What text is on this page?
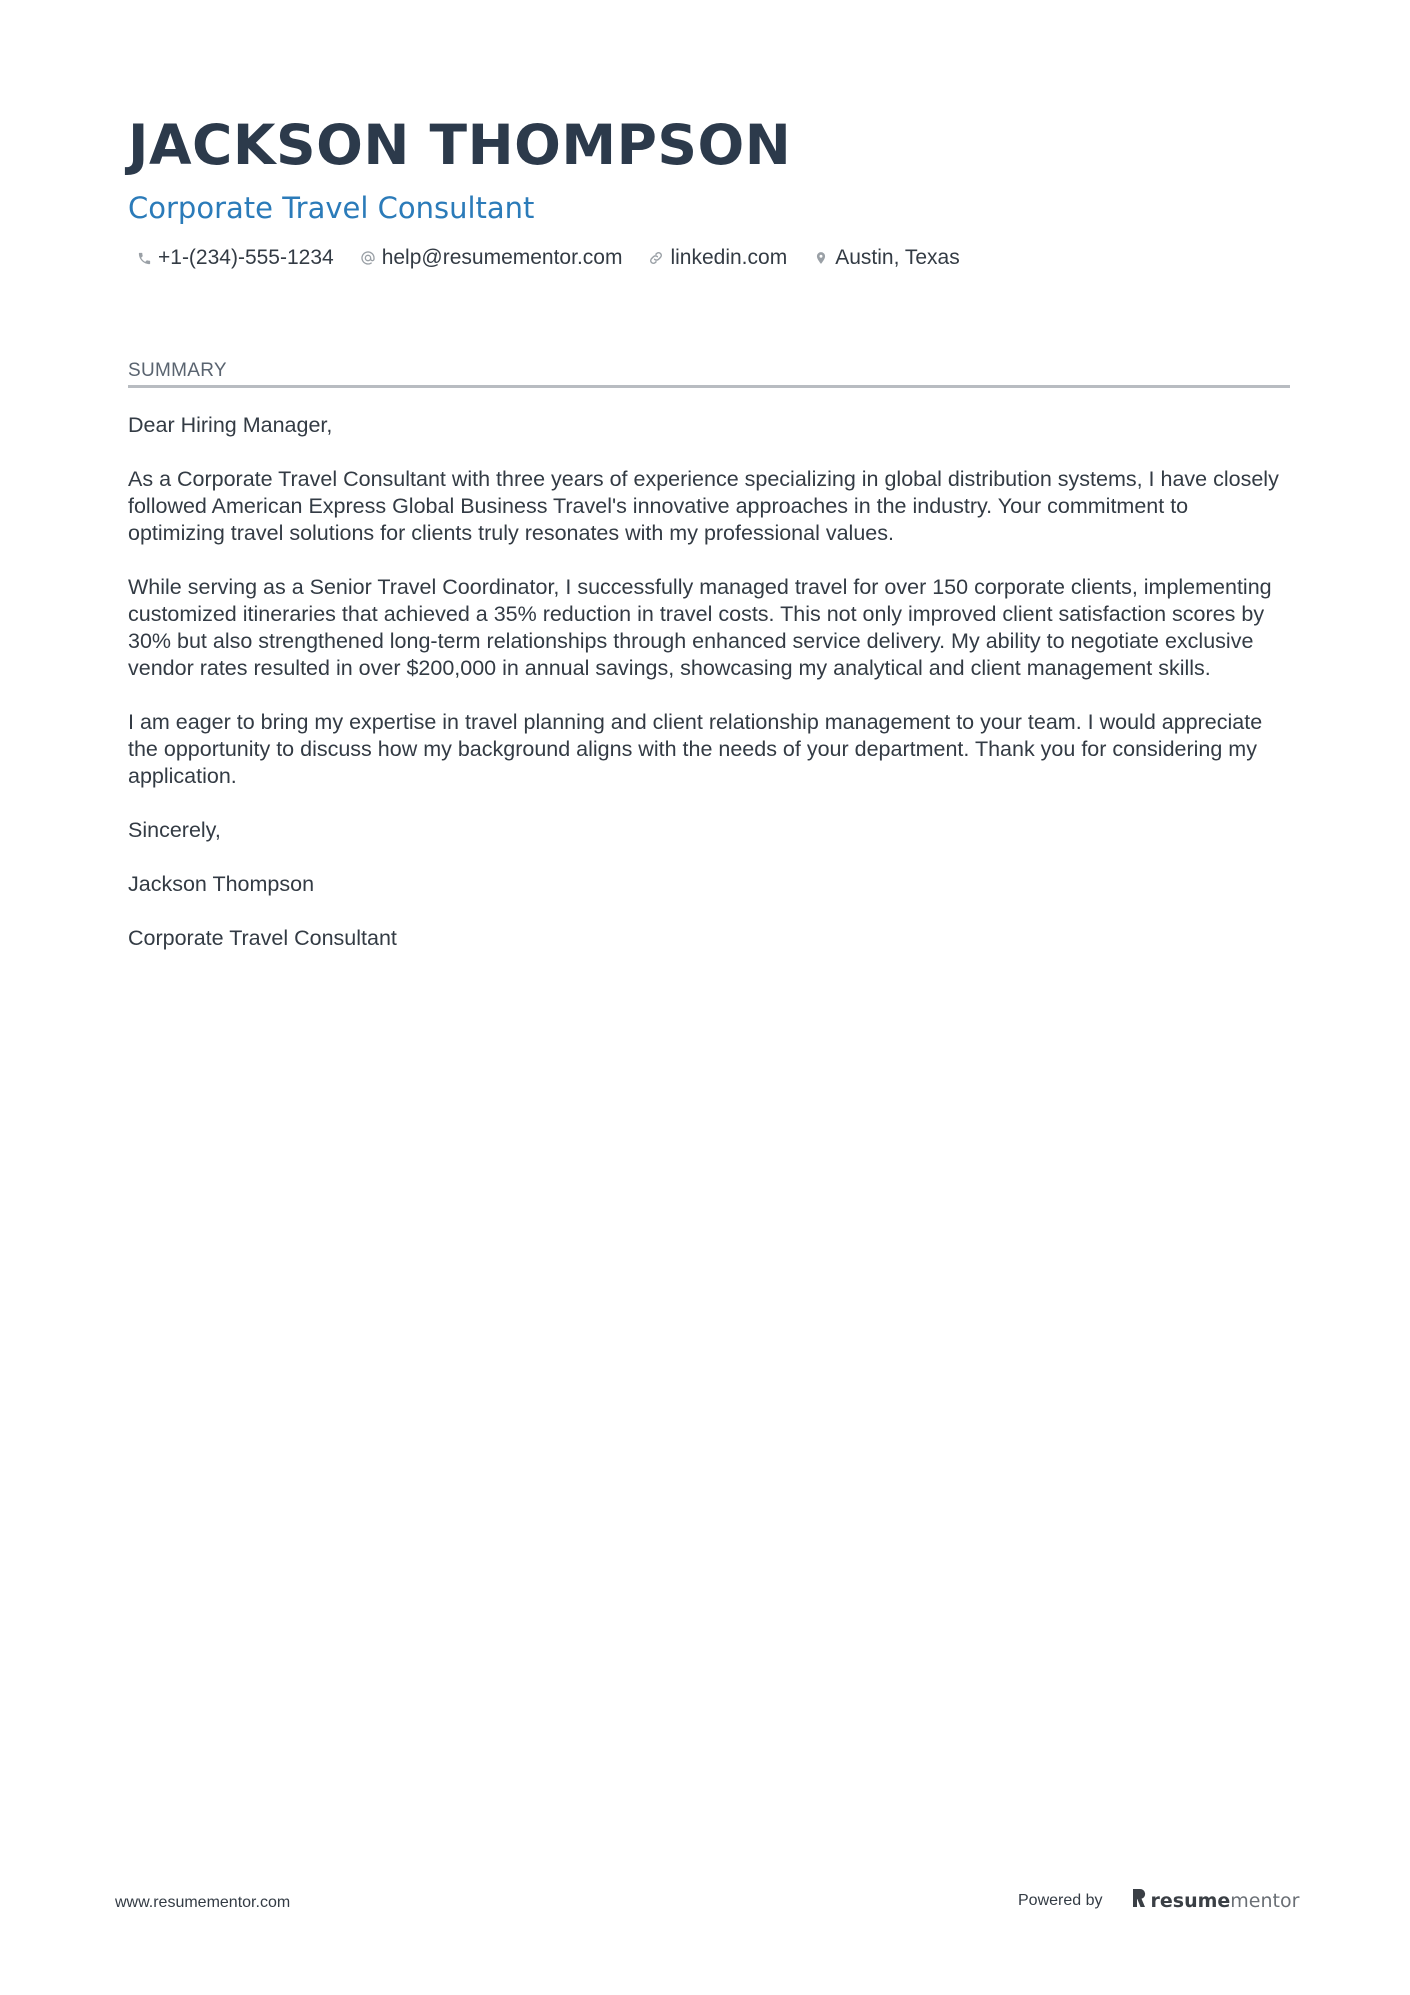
JACKSON THOMPSON
Corporate Travel Consultant
+1-(234)-555-1234 help@resumementor.com linkedin.com Austin, Texas
SUMMARY

Dear Hiring Manager,

As a Corporate Travel Consultant with three years of experience specializing in global distribution systems, I have closely followed American Express Global Business Travel's innovative approaches in the industry. Your commitment to optimizing travel solutions for clients truly resonates with my professional values.

While serving as a Senior Travel Coordinator, I successfully managed travel for over 150 corporate clients, implementing customized itineraries that achieved a 35% reduction in travel costs. This not only improved client satisfaction scores by 30% but also strengthened long-term relationships through enhanced service delivery. My ability to negotiate exclusive vendor rates resulted in over $200,000 in annual savings, showcasing my analytical and client management skills.

I am eager to bring my expertise in travel planning and client relationship management to your team. I would appreciate the opportunity to discuss how my background aligns with the needs of your department. Thank you for considering my application.

Sincerely,

Jackson Thompson

Corporate Travel Consultant

www.resumementor.com	Powered by	resume mentor
